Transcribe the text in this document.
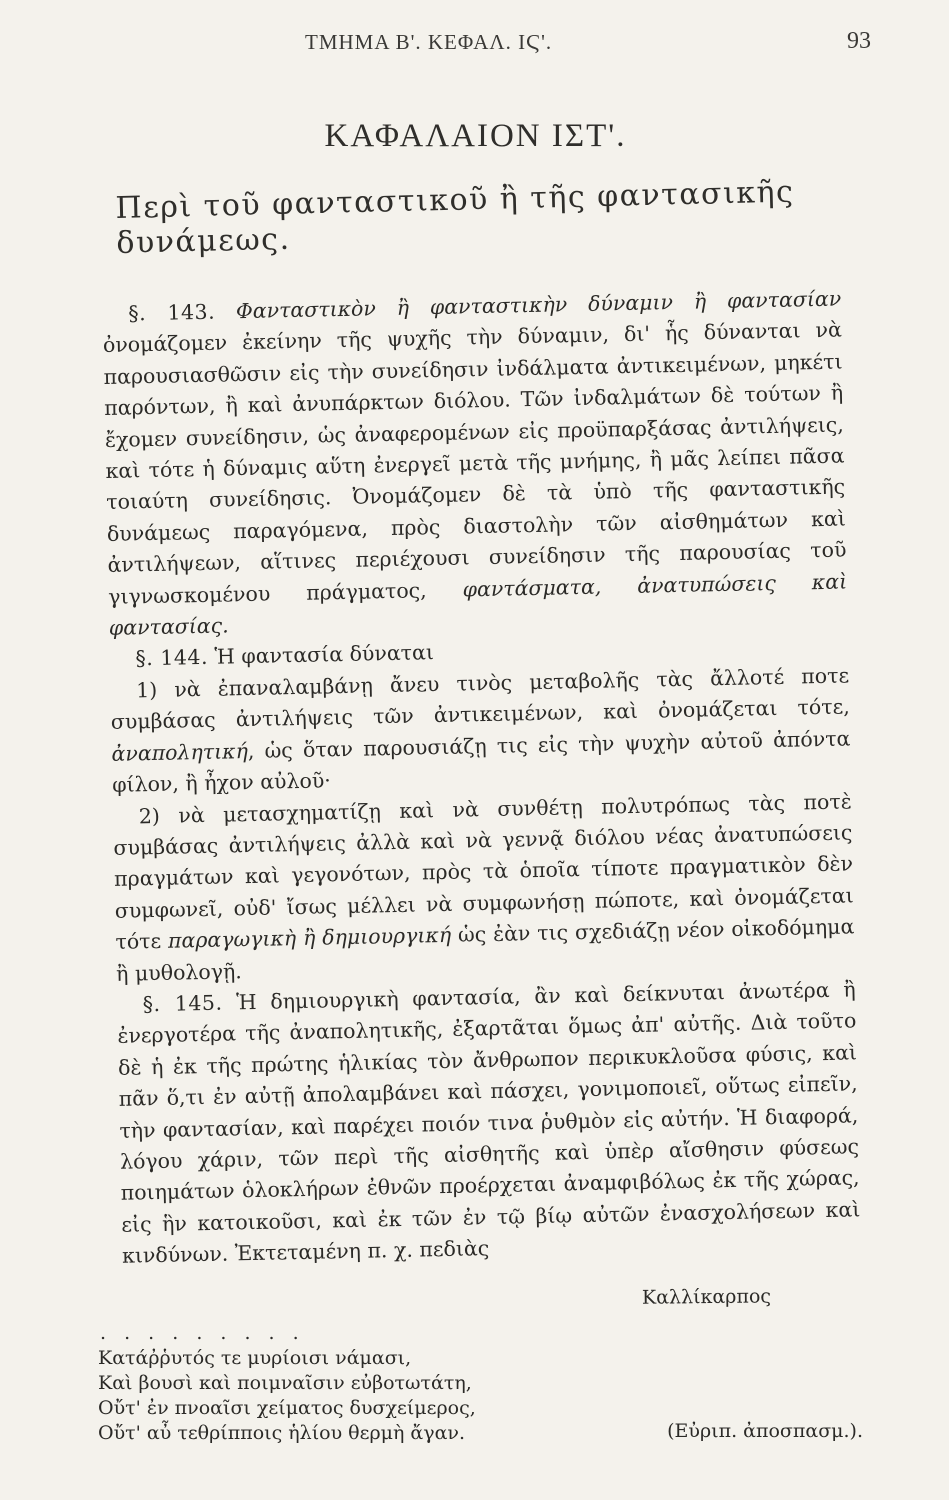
ΤΜΗΜΑ Β'. ΚΕΦΑΛ. ΙϚ'.	93
ΚΑΦΑΛΑΙΟΝ ΙΣΤ'.
Περὶ τοῦ φανταστικοῦ ἢ τῆς φαντασικῆς δυνάμεως.

§. 143. Φανταστικὸν ἢ φανταστικὴν δύναμιν ἢ φαντασίαν ὀνομάζομεν ἐκείνην τῆς ψυχῆς τὴν δύναμιν, δι' ἧς δύνανται νὰ παρουσιασθῶσιν εἰς τὴν συνείδησιν ἰνδάλματα ἀντικειμένων, μηκέτι παρόντων, ἢ καὶ ἀνυπάρκτων διόλου. Τῶν ἰνδαλμάτων δὲ τούτων ἢ ἔχομεν συνείδησιν, ὡς ἀναφερομένων εἰς προϋπαρξάσας ἀντιλήψεις, καὶ τότε ἡ δύναμις αὕτη ἐνεργεῖ μετὰ τῆς μνήμης, ἢ μᾶς λείπει πᾶσα τοιαύτη συνείδησις. Ὀνομάζομεν δὲ τὰ ὑπὸ τῆς φανταστικῆς δυνάμεως παραγόμενα, πρὸς διαστολὴν τῶν αἰσθημάτων καὶ ἀντιλήψεων, αἵτινες περιέχουσι συνείδησιν τῆς παρουσίας τοῦ γιγνωσκομένου πράγματος, φαντάσματα, ἀνατυπώσεις καὶ φαντασίας.

§. 144. Ἡ φαντασία δύναται

1) νὰ ἐπαναλαμβάνῃ ἄνευ τινὸς μεταβολῆς τὰς ἄλλοτέ ποτε συμβάσας ἀντιλήψεις τῶν ἀντικειμένων, καὶ ὀνομάζεται τότε, ἀναπολητική, ὡς ὅταν παρουσιάζῃ τις εἰς τὴν ψυχὴν αὐτοῦ ἀπόντα φίλον, ἢ ἦχον αὐλοῦ·

2) νὰ μετασχηματίζῃ καὶ νὰ συνθέτῃ πολυτρόπως τὰς ποτὲ συμβάσας ἀντιλήψεις ἀλλὰ καὶ νὰ γεννᾷ διόλου νέας ἀνατυπώσεις πραγμάτων καὶ γεγονότων, πρὸς τὰ ὁποῖα τίποτε πραγματικὸν δὲν συμφωνεῖ, οὐδ' ἴσως μέλλει νὰ συμφωνήσῃ πώποτε, καὶ ὀνομάζεται τότε παραγωγικὴ ἢ δημιουργική ὡς ἐὰν τις σχεδιάζῃ νέον οἰκοδόμημα ἢ μυθολογῇ.

§. 145. Ἡ δημιουργικὴ φαντασία, ἂν καὶ δείκνυται ἀνωτέρα ἢ ἐνεργοτέρα τῆς ἀναπολητικῆς, ἐξαρτᾶται ὅμως ἀπ' αὐτῆς. Διὰ τοῦτο δὲ ἡ ἐκ τῆς πρώτης ἡλικίας τὸν ἄνθρωπον περικυκλοῦσα φύσις, καὶ πᾶν ὅ,τι ἐν αὐτῇ ἀπολαμβάνει καὶ πάσχει, γονιμοποιεῖ, οὕτως εἰπεῖν, τὴν φαντασίαν, καὶ παρέχει ποιόν τινα ῥυθμὸν εἰς αὐτήν. Ἡ διαφορά, λόγου χάριν, τῶν περὶ τῆς αἰσθητῆς καὶ ὑπὲρ αἴσθησιν φύσεως ποιημάτων ὁλοκλήρων ἐθνῶν προέρχεται ἀναμφιβόλως ἐκ τῆς χώρας, εἰς ἣν κατοικοῦσι, καὶ ἐκ τῶν ἐν τῷ βίῳ αὐτῶν ἐνασχολήσεων καὶ κινδύνων. Ἐκτεταμένη π. χ. πεδιὰς

Καλλίκαρπος
. . . . . . . . .
Κατάῤῥυτός τε μυρίοισι νάμασι,
Καὶ βουσὶ καὶ ποιμναῖσιν εὐβοτωτάτη,
Οὔτ' ἐν πνοαῖσι χείματος δυσχείμερος,
Οὔτ' αὖ τεθρίπποις ἡλίου θερμὴ ἄγαν.	(Εὐριπ. ἀποσπασμ.).
